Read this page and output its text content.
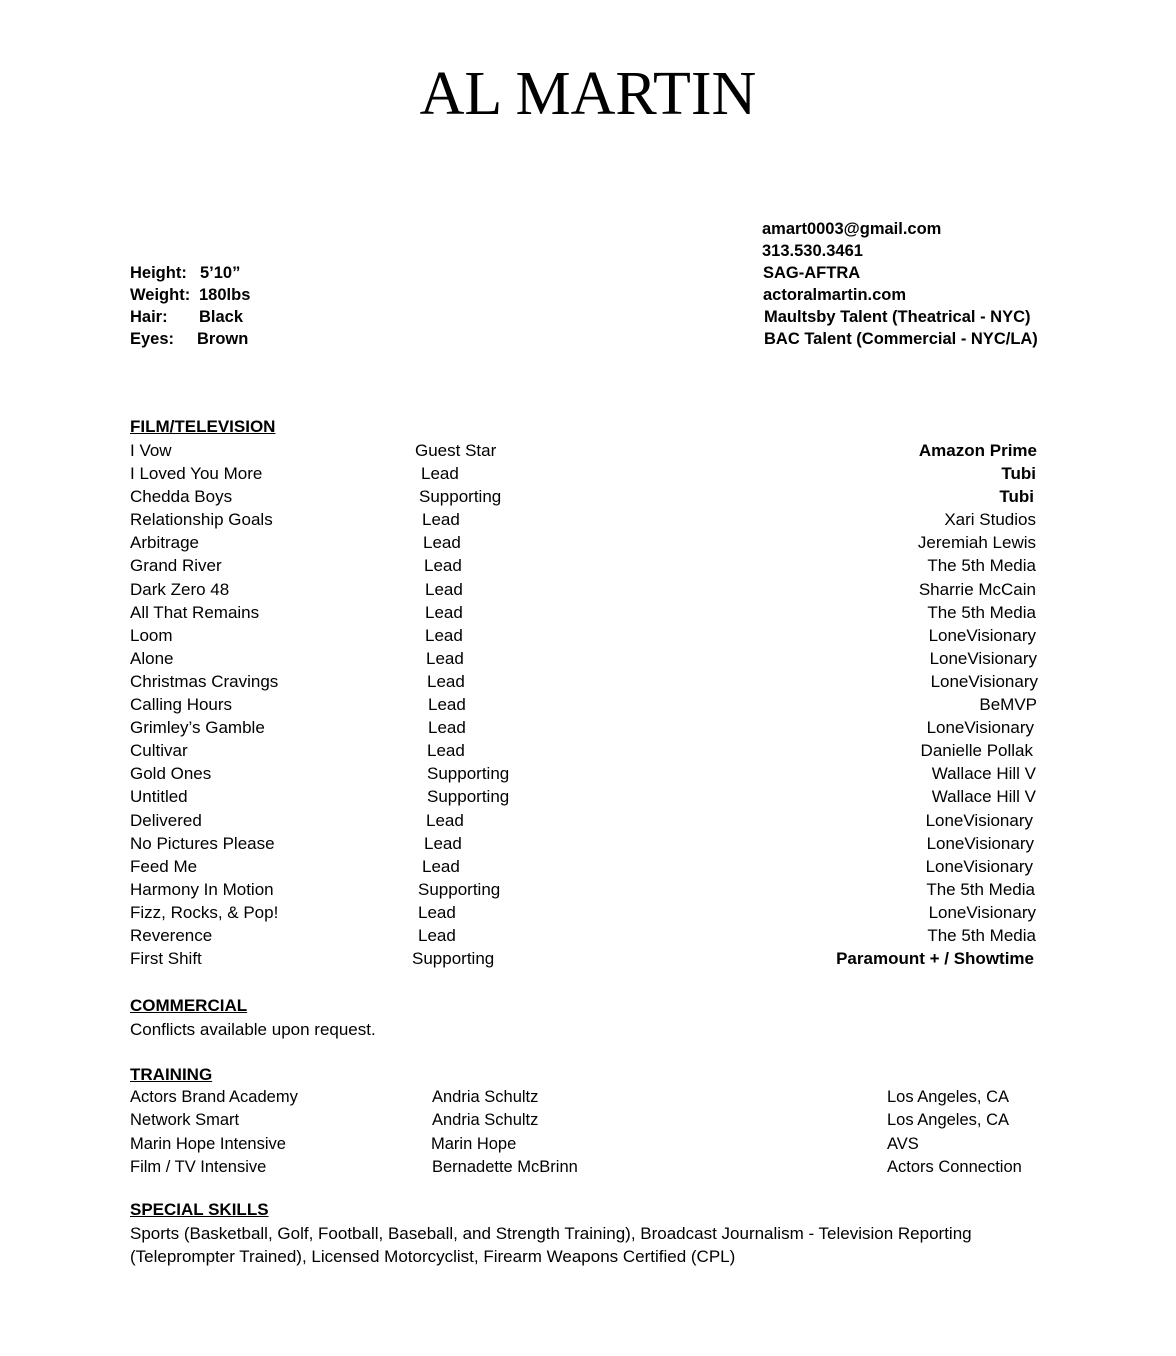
AL MARTIN
Height: 5’10”
Weight: 180lbs
Hair: Black
Eyes: Brown
amart0003@gmail.com
313.530.3461
SAG-AFTRA
actoralmartin.com
Maultsby Talent (Theatrical - NYC)
BAC Talent (Commercial - NYC/LA)
FILM/TELEVISION
I Vow	Guest Star	Amazon Prime
I Loved You More	Lead	Tubi
Chedda Boys	Supporting	Tubi
Relationship Goals	Lead	Xari Studios
Arbitrage	Lead	Jeremiah Lewis
Grand River	Lead	The 5th Media
Dark Zero 48	Lead	Sharrie McCain
All That Remains	Lead	The 5th Media
Loom	Lead	LoneVisionary
Alone	Lead	LoneVisionary
Christmas Cravings	Lead	LoneVisionary
Calling Hours	Lead	BeMVP
Grimley’s Gamble	Lead	LoneVisionary
Cultivar	Lead	Danielle Pollak
Gold Ones	Supporting	Wallace Hill V
Untitled	Supporting	Wallace Hill V
Delivered	Lead	LoneVisionary
No Pictures Please	Lead	LoneVisionary
Feed Me	Lead	LoneVisionary
Harmony In Motion	Supporting	The 5th Media
Fizz, Rocks, & Pop!	Lead	LoneVisionary
Reverence	Lead	The 5th Media
First Shift	Supporting	Paramount + / Showtime
COMMERCIAL
Conflicts available upon request.
TRAINING
Actors Brand Academy	Andria Schultz	Los Angeles, CA
Network Smart	Andria Schultz	Los Angeles, CA
Marin Hope Intensive	Marin Hope	AVS
Film / TV Intensive	Bernadette McBrinn	Actors Connection
SPECIAL SKILLS
Sports (Basketball, Golf, Football, Baseball, and Strength Training), Broadcast Journalism - Television Reporting
(Teleprompter Trained), Licensed Motorcyclist, Firearm Weapons Certified (CPL)
